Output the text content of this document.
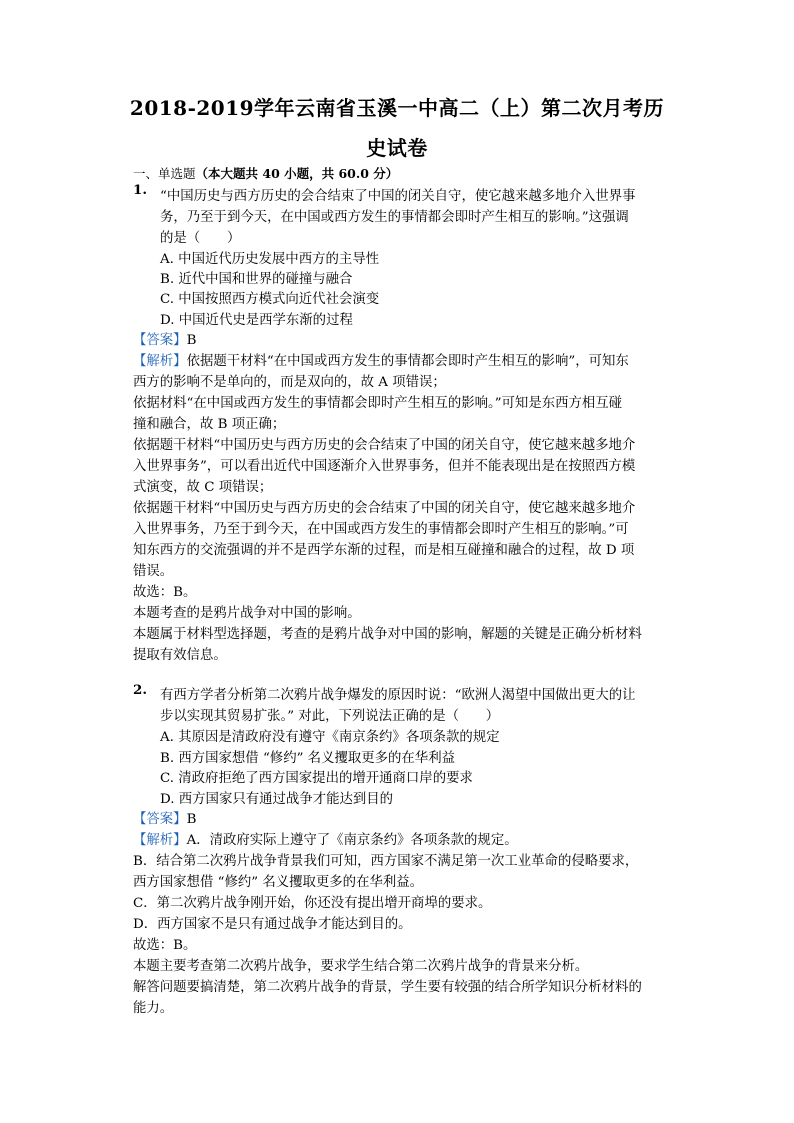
2018-2019学年云南省玉溪一中高二（上）第二次月考历
史试卷
一、单选题（本大题共 40 小题，共 60.0 分）
1. “中国历史与西方历史的会合结束了中国的闭关自守，使它越来越多地介入世界事
务，乃至于到今天，在中国或西方发生的事情都会即时产生相互的影响。”这强调
的是（　　）
A. 中国近代历史发展中西方的主导性
B. 近代中国和世界的碰撞与融合
C. 中国按照西方模式向近代社会演变
D. 中国近代史是西学东渐的过程
【答案】B
【解析】依据题干材料“在中国或西方发生的事情都会即时产生相互的影响”，可知东
西方的影响不是单向的，而是双向的，故 A 项错误；
依据材料“在中国或西方发生的事情都会即时产生相互的影响。”可知是东西方相互碰
撞和融合，故 B 项正确；
依据题干材料“中国历史与西方历史的会合结束了中国的闭关自守，使它越来越多地介
入世界事务”，可以看出近代中国逐渐介入世界事务，但并不能表现出是在按照西方模
式演变，故 C 项错误；
依据题干材料“中国历史与西方历史的会合结束了中国的闭关自守，使它越来越多地介
入世界事务，乃至于到今天，在中国或西方发生的事情都会即时产生相互的影响。”可
知东西方的交流强调的并不是西学东渐的过程，而是相互碰撞和融合的过程，故 D 项
错误。
故选：B。
本题考查的是鸦片战争对中国的影响。
本题属于材料型选择题，考查的是鸦片战争对中国的影响，解题的关键是正确分析材料
提取有效信息。
2. 有西方学者分析第二次鸦片战争爆发的原因时说：“欧洲人渴望中国做出更大的让
步以实现其贸易扩张。” 对此，下列说法正确的是（　　）
A. 其原因是清政府没有遵守《南京条约》各项条款的规定
B. 西方国家想借 “修约” 名义攫取更多的在华利益
C. 清政府拒绝了西方国家提出的增开通商口岸的要求
D. 西方国家只有通过战争才能达到目的
【答案】B
【解析】A．清政府实际上遵守了《南京条约》各项条款的规定。
B．结合第二次鸦片战争背景我们可知，西方国家不满足第一次工业革命的侵略要求，
西方国家想借 “修约” 名义攫取更多的在华利益。
C．第二次鸦片战争刚开始，你还没有提出增开商埠的要求。
D．西方国家不是只有通过战争才能达到目的。
故选：B。
本题主要考查第二次鸦片战争，要求学生结合第二次鸦片战争的背景来分析。
解答问题要搞清楚，第二次鸦片战争的背景，学生要有较强的结合所学知识分析材料的
能力。
